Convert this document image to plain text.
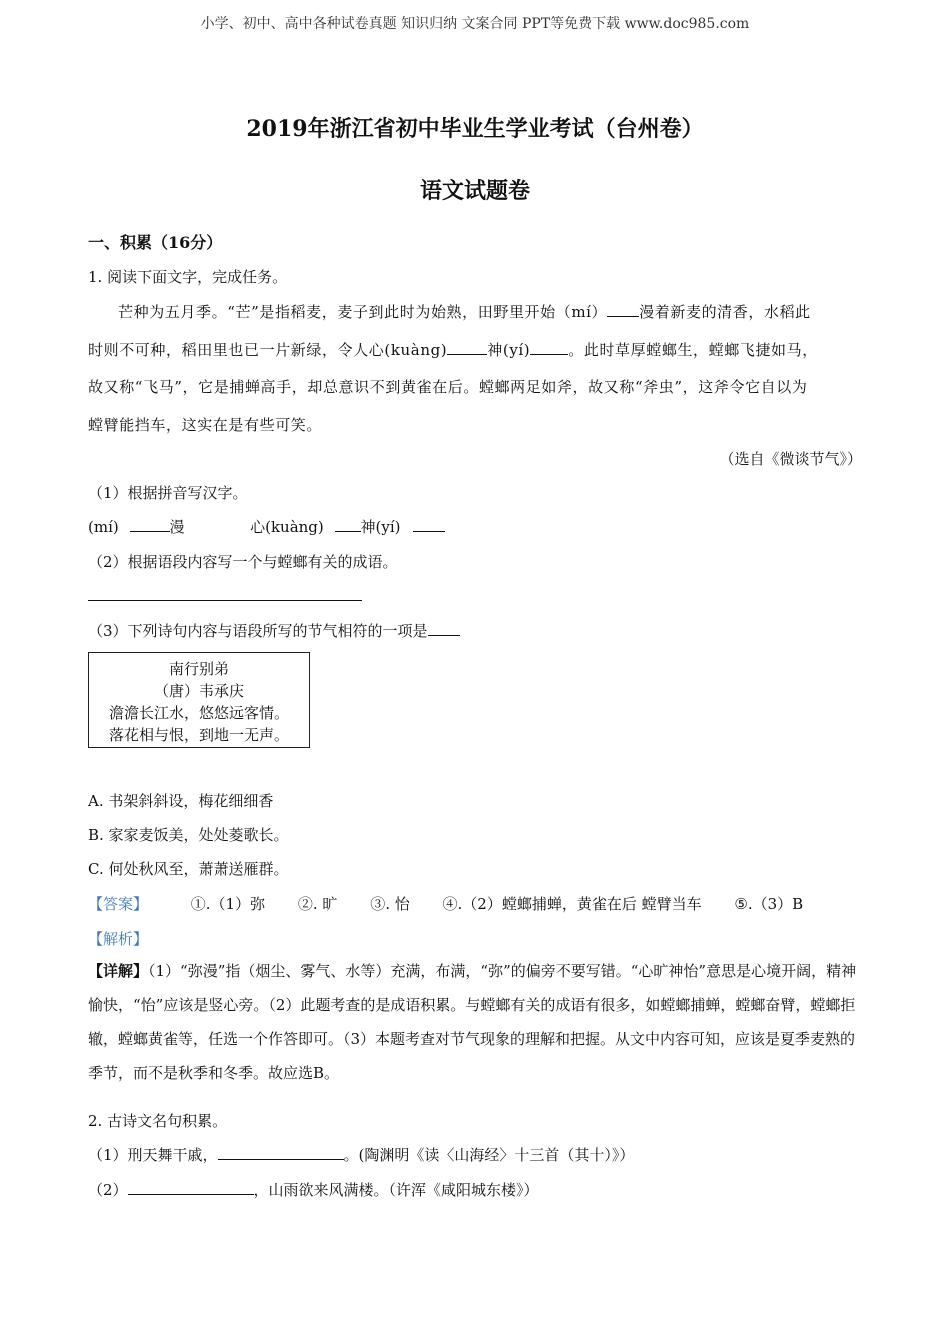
小学、初中、高中各种试卷真题 知识归纳 文案合同 PPT等免费下载 www.doc985.com
2019年浙江省初中毕业生学业考试（台州卷）
语文试题卷
一、积累（16分）
1. 阅读下面文字，完成任务。
芒种为五月季。“芒”是指稻麦，麦子到此时为始熟，田野里开始（mí） 漫着新麦的清香，水稻此
时则不可种，稻田里也已一片新绿，令人心(kuàng)	神(yí)	。此时草厚螳螂生，螳螂飞捷如马，
故又称“飞马”，它是捕蝉高手，却总意识不到黄雀在后。螳螂两足如斧，故又称“斧虫”，这斧令它自以为
螳臂能挡车，这实在是有些可笑。
（选自《微谈节气》）
（1）根据拼音写汉字。
(mí)	漫	心(kuàng) 神(yí)
（2）根据语段内容写一个与螳螂有关的成语。
（3）下列诗句内容与语段所写的节气相符的一项是
南行别弟
（唐）韦承庆
澹澹长江水，悠悠远客情。
落花相与恨，到地一无声。
A. 书架斜斜设，梅花细细香
B. 家家麦饭美，处处菱歌长。
C. 何处秋风至，萧萧送雁群。
【答案】	①.（1）弥 ②. 旷 ③. 怡 ④.（2）螳螂捕蝉，黄雀在后 螳臂当车 ⑤.（3）B
【解析】
【详解】（1）“弥漫”指（烟尘、雾气、水等）充满，布满，“弥”的偏旁不要写错。“心旷神怡”意思是心境开阔，精神愉快，“怡”应该是竖心旁。（2）此题考查的是成语积累。与螳螂有关的成语有很多，如螳螂捕蝉，螳螂奋臂，螳螂拒辙，螳螂黄雀等，任选一个作答即可。（3）本题考查对节气现象的理解和把握。从文中内容可知，应该是夏季麦熟的季节，而不是秋季和冬季。故应选B。
2. 古诗文名句积累。
（1）刑天舞干戚，	。(陶渊明《读〈山海经〉十三首（其十）》）
（2）	，山雨欲来风满楼。（许浑《咸阳城东楼》）
